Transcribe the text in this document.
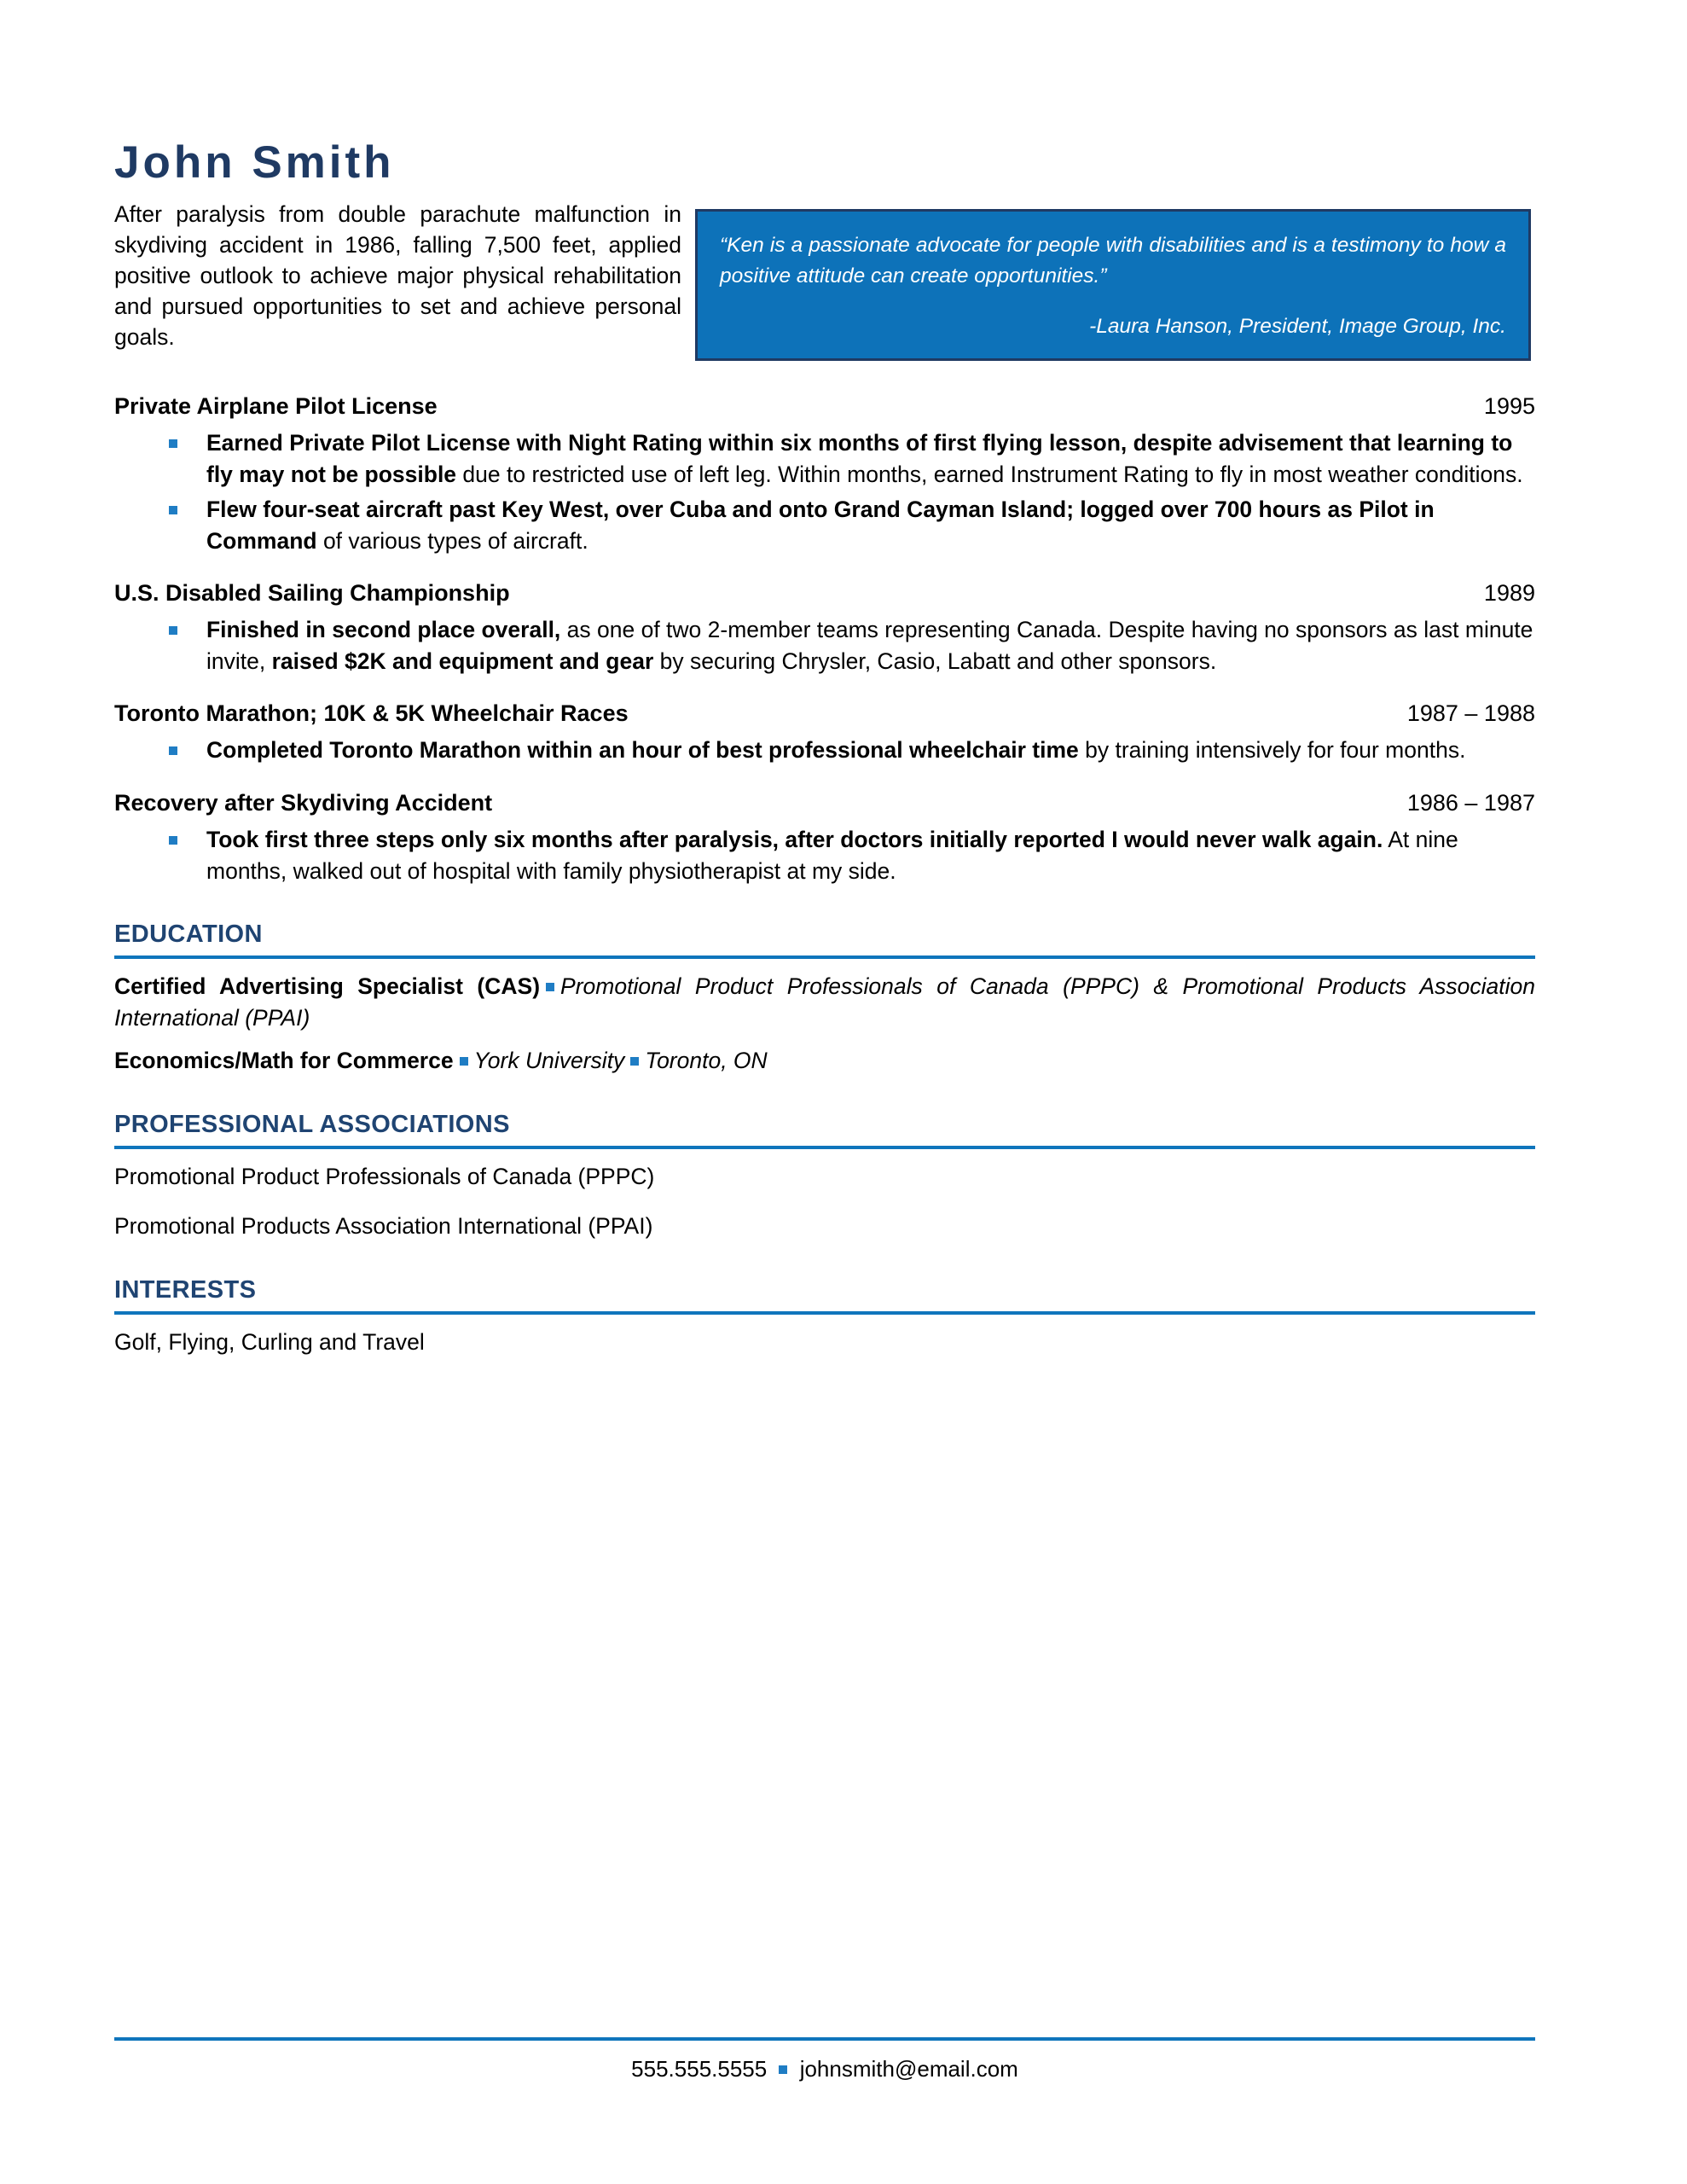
John Smith
After paralysis from double parachute malfunction in skydiving accident in 1986, falling 7,500 feet, applied positive outlook to achieve major physical rehabilitation and pursued opportunities to set and achieve personal goals.
“Ken is a passionate advocate for people with disabilities and is a testimony to how a positive attitude can create opportunities.”
-Laura Hanson, President, Image Group, Inc.
Private Airplane Pilot License	1995
Earned Private Pilot License with Night Rating within six months of first flying lesson, despite advisement that learning to fly may not be possible due to restricted use of left leg. Within months, earned Instrument Rating to fly in most weather conditions.
Flew four-seat aircraft past Key West, over Cuba and onto Grand Cayman Island; logged over 700 hours as Pilot in Command of various types of aircraft.
U.S. Disabled Sailing Championship	1989
Finished in second place overall, as one of two 2-member teams representing Canada. Despite having no sponsors as last minute invite, raised $2K and equipment and gear by securing Chrysler, Casio, Labatt and other sponsors.
Toronto Marathon; 10K & 5K Wheelchair Races	1987 – 1988
Completed Toronto Marathon within an hour of best professional wheelchair time by training intensively for four months.
Recovery after Skydiving Accident	1986 – 1987
Took first three steps only six months after paralysis, after doctors initially reported I would never walk again. At nine months, walked out of hospital with family physiotherapist at my side.
EDUCATION
Certified Advertising Specialist (CAS) Promotional Product Professionals of Canada (PPPC) & Promotional Products Association International (PPAI)
Economics/Math for Commerce York University Toronto, ON
PROFESSIONAL ASSOCIATIONS
Promotional Product Professionals of Canada (PPPC)
Promotional Products Association International (PPAI)
INTERESTS
Golf, Flying, Curling and Travel
555.555.5555 johnsmith@email.com
